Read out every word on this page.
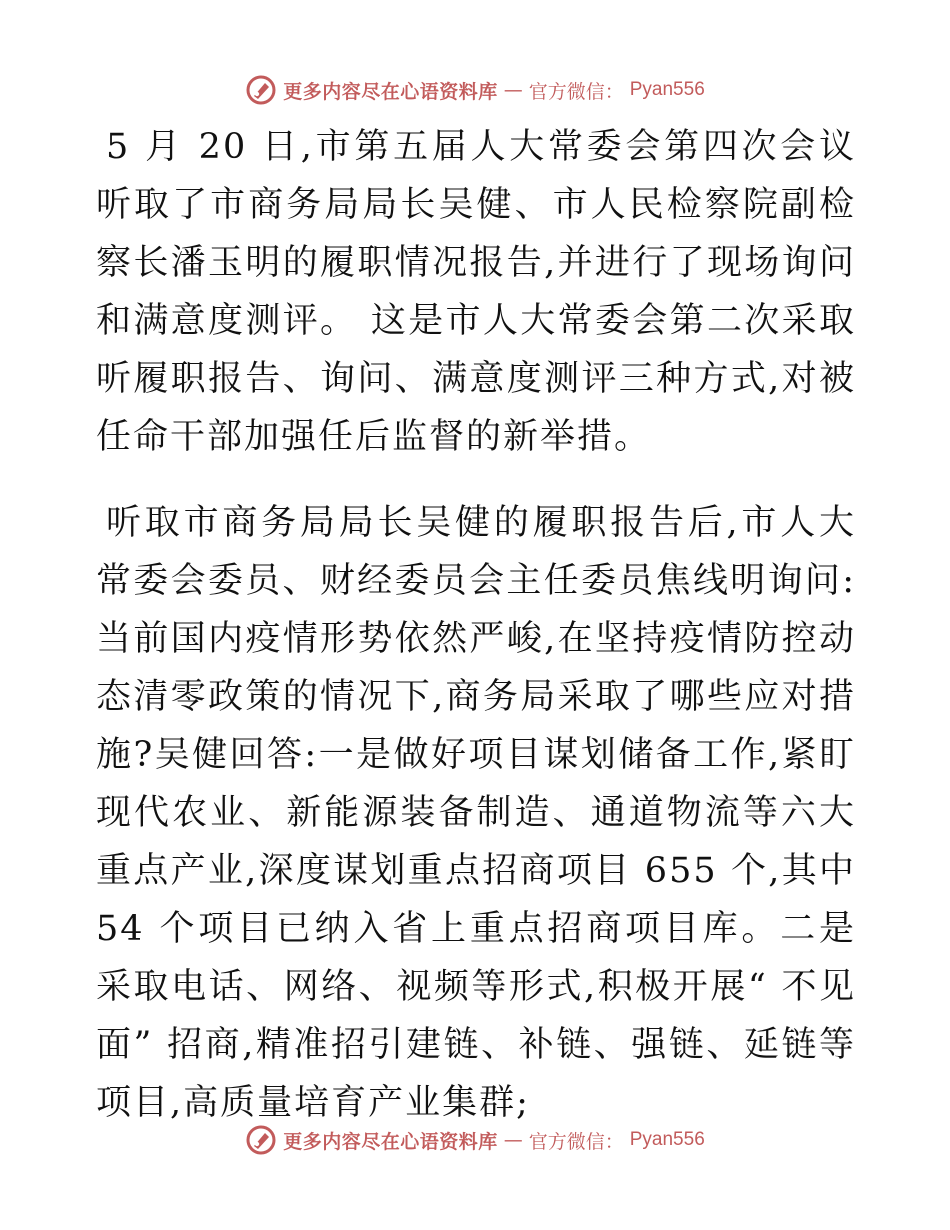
更多内容尽在心语资料库 — 官方微信： Pyan556

5 月 20 日,市第五届人大常委会第四次会议听取了市商务局局长吴健、市人民检察院副检察长潘玉明的履职情况报告,并进行了现场询问和满意度测评。 这是市人大常委会第二次采取听履职报告、询问、满意度测评三种方式,对被任命干部加强任后监督的新举措。

听取市商务局局长吴健的履职报告后,市人大常委会委员、财经委员会主任委员焦线明询问:当前国内疫情形势依然严峻,在坚持疫情防控动态清零政策的情况下,商务局采取了哪些应对措施?吴健回答:一是做好项目谋划储备工作,紧盯现代农业、新能源装备制造、通道物流等六大重点产业,深度谋划重点招商项目 655 个,其中 54 个项目已纳入省上重点招商项目库。二是采取电话、网络、视频等形式,积极开展“ 不见面” 招商,精准招引建链、补链、强链、延链等项目,高质量培育产业集群;

更多内容尽在心语资料库 — 官方微信： Pyan556
